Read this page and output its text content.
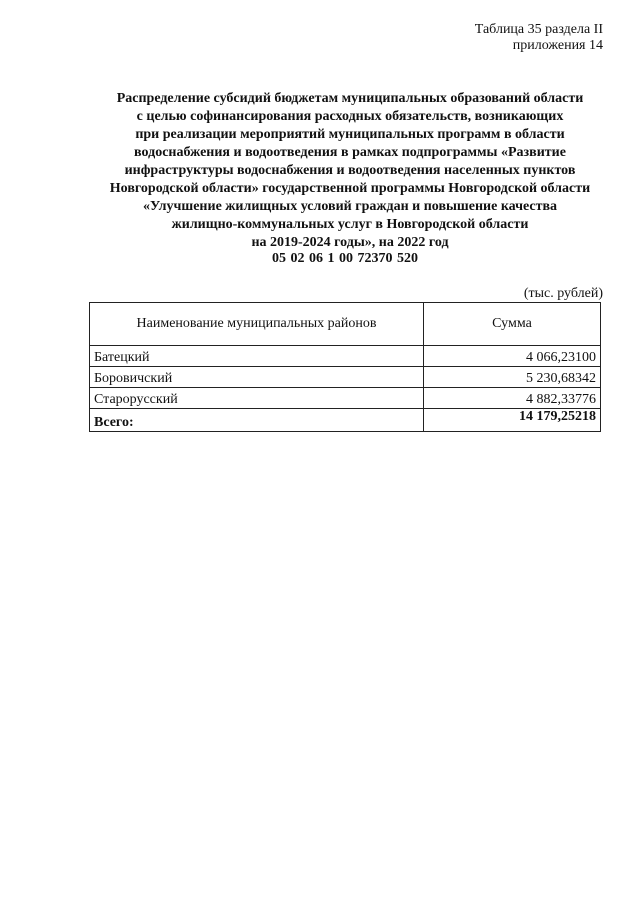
Таблица 35 раздела II
приложения 14
Распределение субсидий бюджетам муниципальных образований области
с целью софинансирования расходных обязательств, возникающих
при реализации мероприятий муниципальных программ в области
водоснабжения и водоотведения в рамках подпрограммы «Развитие
инфраструктуры водоснабжения и водоотведения населенных пунктов
Новгородской области» государственной программы Новгородской области
«Улучшение жилищных условий граждан и повышение качества
жилищно-коммунальных услуг в Новгородской области
на 2019-2024 годы», на 2022 год
05 02 06 1 00 72370 520
(тыс. рублей)
Наименование муниципальных районов	Сумма
Батецкий	4 066,23100
Боровичский	5 230,68342
Старорусский	4 882,33776
Всего:	14 179,25218
